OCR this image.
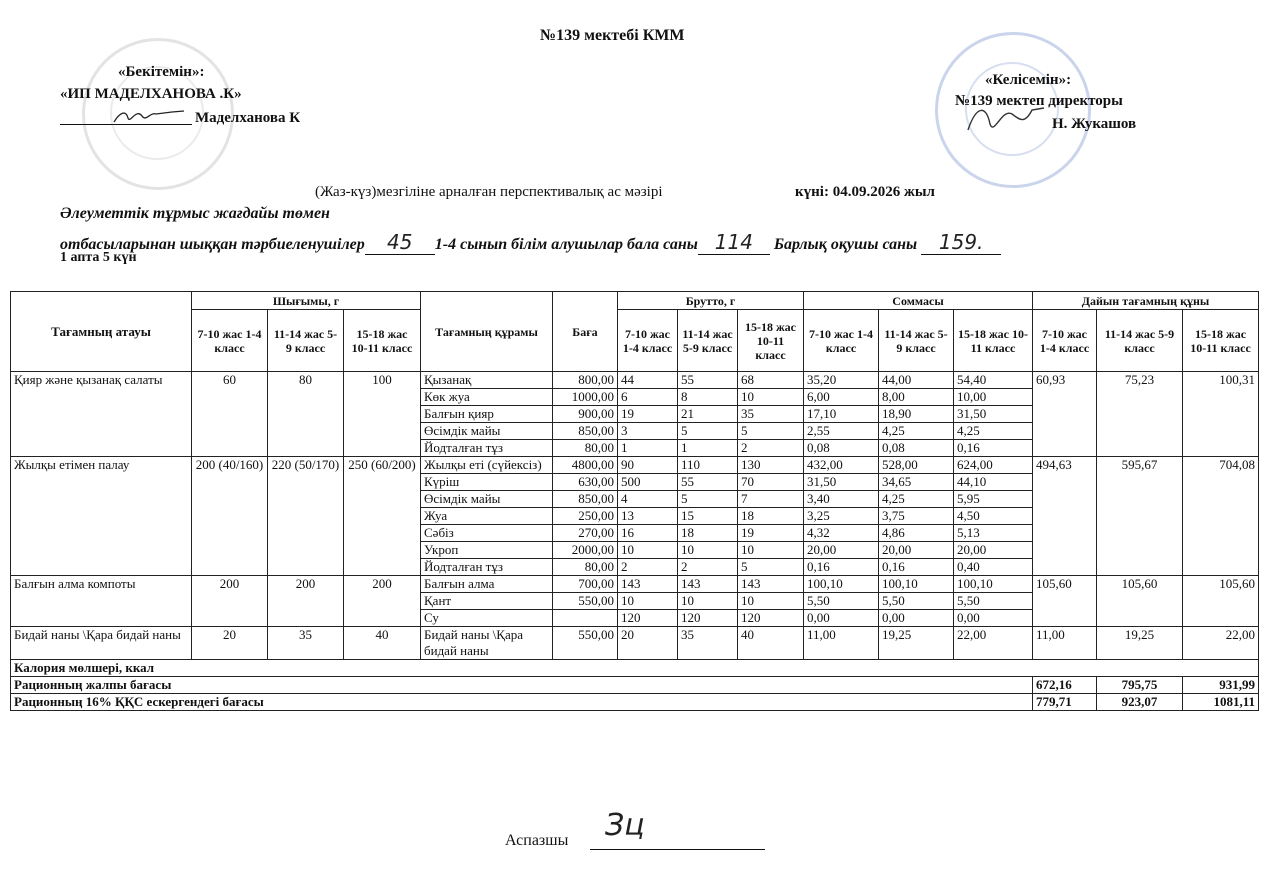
№139 мектебі КММ
«Бекітемін»:
«ИП МАДЕЛХАНОВА .К»
Маделханова К
«Келісемін»:
№139 мектеп директоры
Н. Жукашов
(Жаз-күз)мезгіліне арналған перспективалық ас мәзірі	күні: 04.09.2026 жыл
Әлеуметтік тұрмыс жағдайы төмен
отбасыларынан шыққан тәрбиеленушілер 45 1-4 сынып білім алушылар бала саны 114 Барлық оқушы саны 159.
1 апта 5 күн
Тағамның атауы	Шығымы, г			Тағамның құрамы	Баға	Брутто, г			Соммасы			Дайын тағамның құны		
	7-10 жас 1-4 класс	11-14 жас 5-9 класс	15-18 жас 10-11 класс			7-10 жас 1-4 класс	11-14 жас 5-9 класс	15-18 жас 10-11 класс	7-10 жас 1-4 класс	11-14 жас 5-9 класс	15-18 жас 10-11 класс	7-10 жас 1-4 класс	11-14 жас 5-9 класс	15-18 жас 10-11 класс
Қияр және қызанақ салаты	60	80	100	Қызанақ	800,00	44	55	68	35,20	44,00	54,40	60,93	75,23	100,31
				Көк жуа	1000,00	6	8	10	6,00	8,00	10,00			
				Балғын қияр	900,00	19	21	35	17,10	18,90	31,50			
				Өсімдік майы	850,00	3	5	5	2,55	4,25	4,25			
				Йодталған тұз	80,00	1	1	2	0,08	0,08	0,16			
Жылқы етімен палау	200 (40/160)	220 (50/170)	250 (60/200)	Жылқы еті (сүйексіз)	4800,00	90	110	130	432,00	528,00	624,00	494,63	595,67	704,08
				Күріш	630,00	500	55	70	31,50	34,65	44,10			
				Өсімдік майы	850,00	4	5	7	3,40	4,25	5,95			
				Жуа	250,00	13	15	18	3,25	3,75	4,50			
				Сәбіз	270,00	16	18	19	4,32	4,86	5,13			
				Укроп	2000,00	10	10	10	20,00	20,00	20,00			
				Йодталған тұз	80,00	2	2	5	0,16	0,16	0,40			
Балғын алма компоты	200	200	200	Балғын алма	700,00	143	143	143	100,10	100,10	100,10	105,60	105,60	105,60
				Қант	550,00	10	10	10	5,50	5,50	5,50			
				Су		120	120	120	0,00	0,00	0,00			
Бидай наны \Қара бидай наны	20	35	40	Бидай наны \Қара бидай наны	550,00	20	35	40	11,00	19,25	22,00	11,00	19,25	22,00
Калория мөлшері, ккал														
Рационның жалпы бағасы												672,16	795,75	931,99
Рационның 16% ҚҚС ескергендегі бағасы												779,71	923,07	1081,11
Аспазшы Зц
